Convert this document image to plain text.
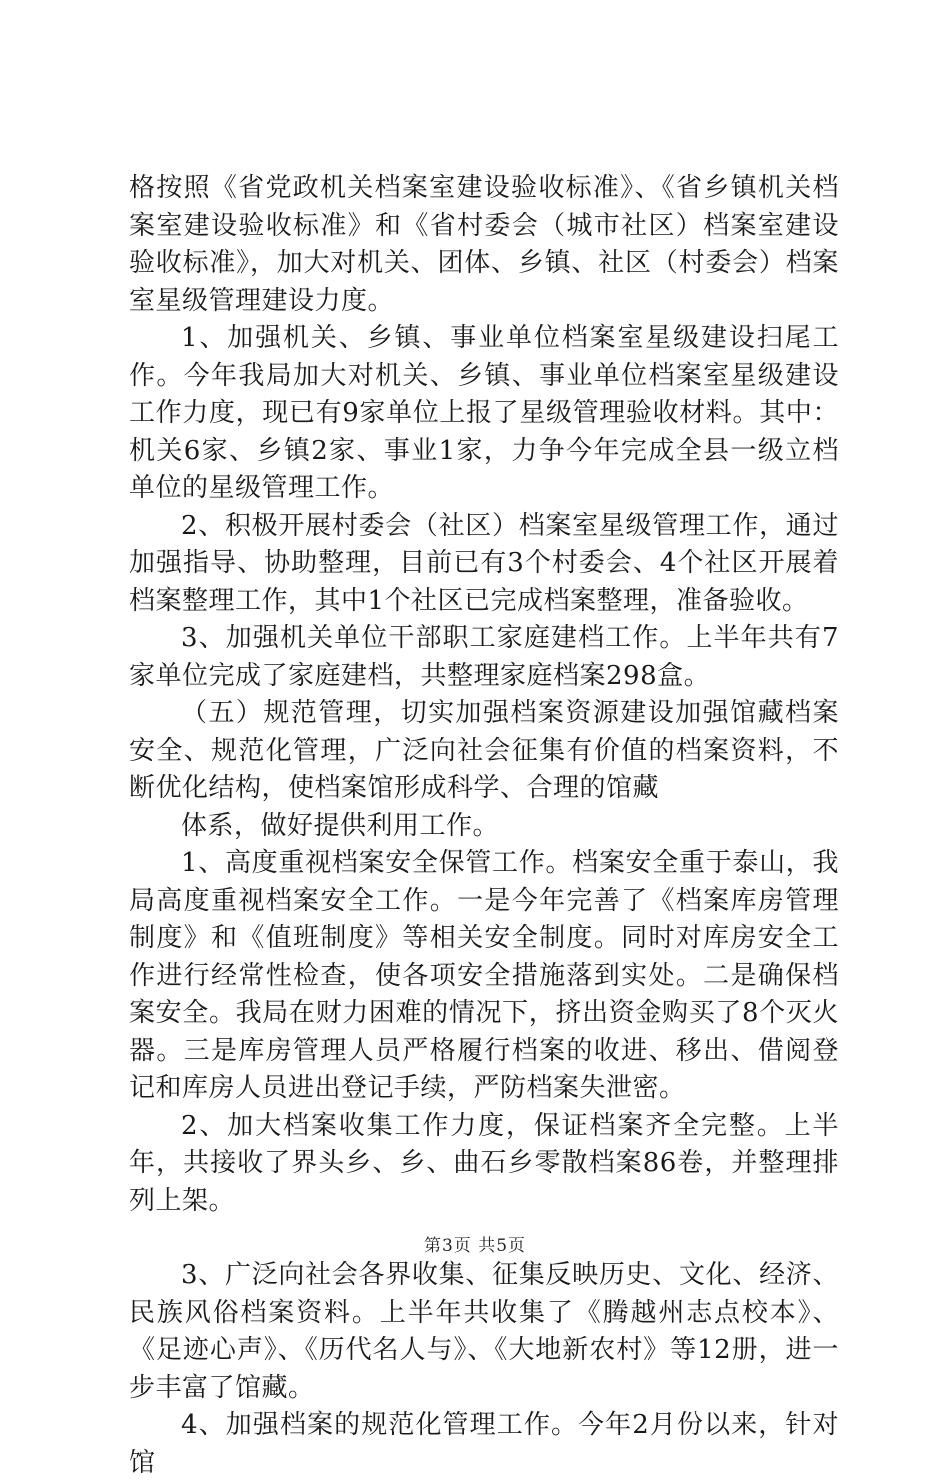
格按照《省党政机关档案室建设验收标准》、《省乡镇机关档案室建设验收标准》和《省村委会（城市社区）档案室建设验收标准》，加大对机关、团体、乡镇、社区（村委会）档案室星级管理建设力度。

1、加强机关、乡镇、事业单位档案室星级建设扫尾工作。今年我局加大对机关、乡镇、事业单位档案室星级建设工作力度，现已有9家单位上报了星级管理验收材料。其中：机关6家、乡镇2家、事业1家，力争今年完成全县一级立档单位的星级管理工作。

2、积极开展村委会（社区）档案室星级管理工作，通过加强指导、协助整理，目前已有3个村委会、4个社区开展着档案整理工作，其中1个社区已完成档案整理，准备验收。

3、加强机关单位干部职工家庭建档工作。上半年共有7家单位完成了家庭建档，共整理家庭档案298盒。

（五）规范管理，切实加强档案资源建设加强馆藏档案安全、规范化管理，广泛向社会征集有价值的档案资料，不断优化结构，使档案馆形成科学、合理的馆藏

体系，做好提供利用工作。

1、高度重视档案安全保管工作。档案安全重于泰山，我局高度重视档案安全工作。一是今年完善了《档案库房管理制度》和《值班制度》等相关安全制度。同时对库房安全工作进行经常性检查，使各项安全措施落到实处。二是确保档案安全。我局在财力困难的情况下，挤出资金购买了8个灭火器。三是库房管理人员严格履行档案的收进、移出、借阅登记和库房人员进出登记手续，严防档案失泄密。

2、加大档案收集工作力度，保证档案齐全完整。上半年，共接收了界头乡、乡、曲石乡零散档案86卷，并整理排列上架。

3、广泛向社会各界收集、征集反映历史、文化、经济、民族风俗档案资料。上半年共收集了《腾越州志点校本》、《足迹心声》、《历代名人与》、《大地新农村》等12册，进一步丰富了馆藏。

4、加强档案的规范化管理工作。今年2月份以来，针对馆

第3页 共5页
